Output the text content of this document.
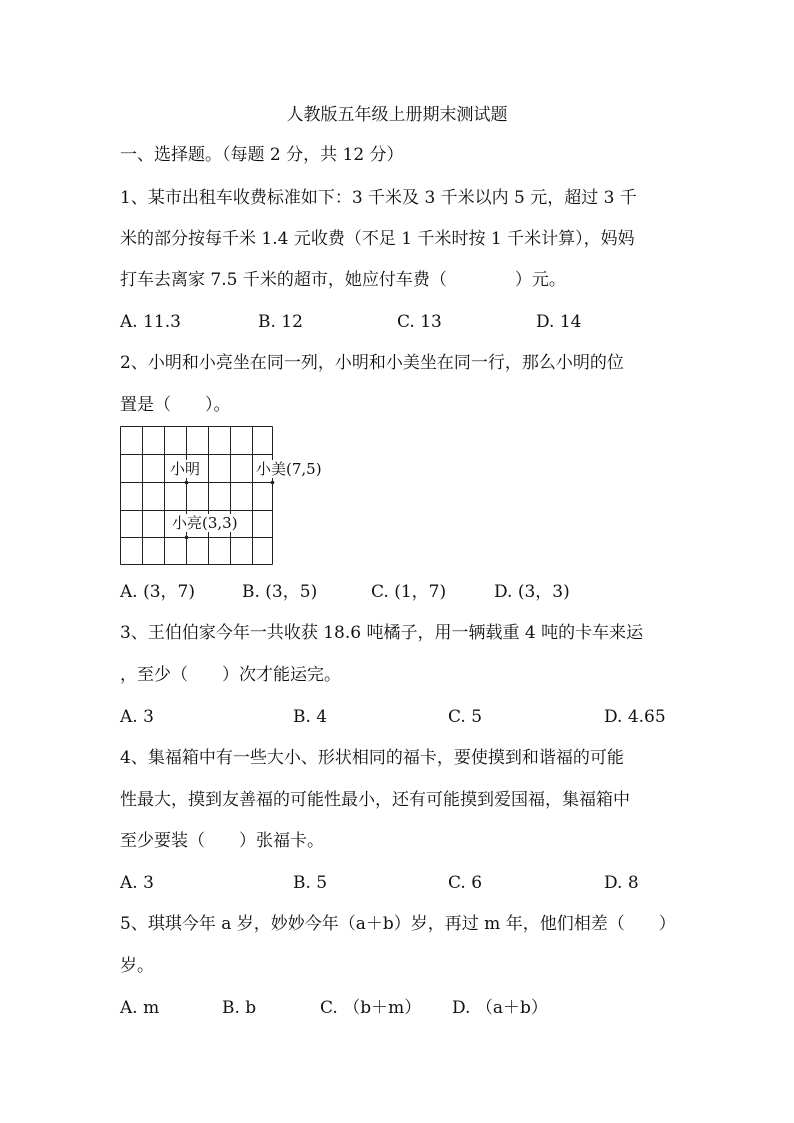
人教版五年级上册期末测试题
一、选择题。（每题 2 分，共 12 分）
1、某市出租车收费标准如下：3 千米及 3 千米以内 5 元，超过 3 千
米的部分按每千米 1.4 元收费（不足 1 千米时按 1 千米计算），妈妈
打车去离家 7.5 千米的超市，她应付车费（　　　　）元。
A. 11.3	B. 12	C. 13	D. 14
2、小明和小亮坐在同一列，小明和小美坐在同一行，那么小明的位
置是（　　）。
小明	小美(7,5)
小亮(3,3)
A. (3，7)	B. (3，5)	C. (1，7)	D. (3，3)
3、王伯伯家今年一共收获 18.6 吨橘子，用一辆载重 4 吨的卡车来运
，至少（　　）次才能运完。
A. 3	B. 4	C. 5	D. 4.65
4、集福箱中有一些大小、形状相同的福卡，要使摸到和谐福的可能
性最大，摸到友善福的可能性最小，还有可能摸到爱国福，集福箱中
至少要装（　　）张福卡。
A. 3	B. 5	C. 6	D. 8
5、琪琪今年 a 岁，妙妙今年（a＋b）岁，再过 m 年，他们相差（　　）
岁。
A. m	B. b	C. （b＋m） D. （a＋b）
